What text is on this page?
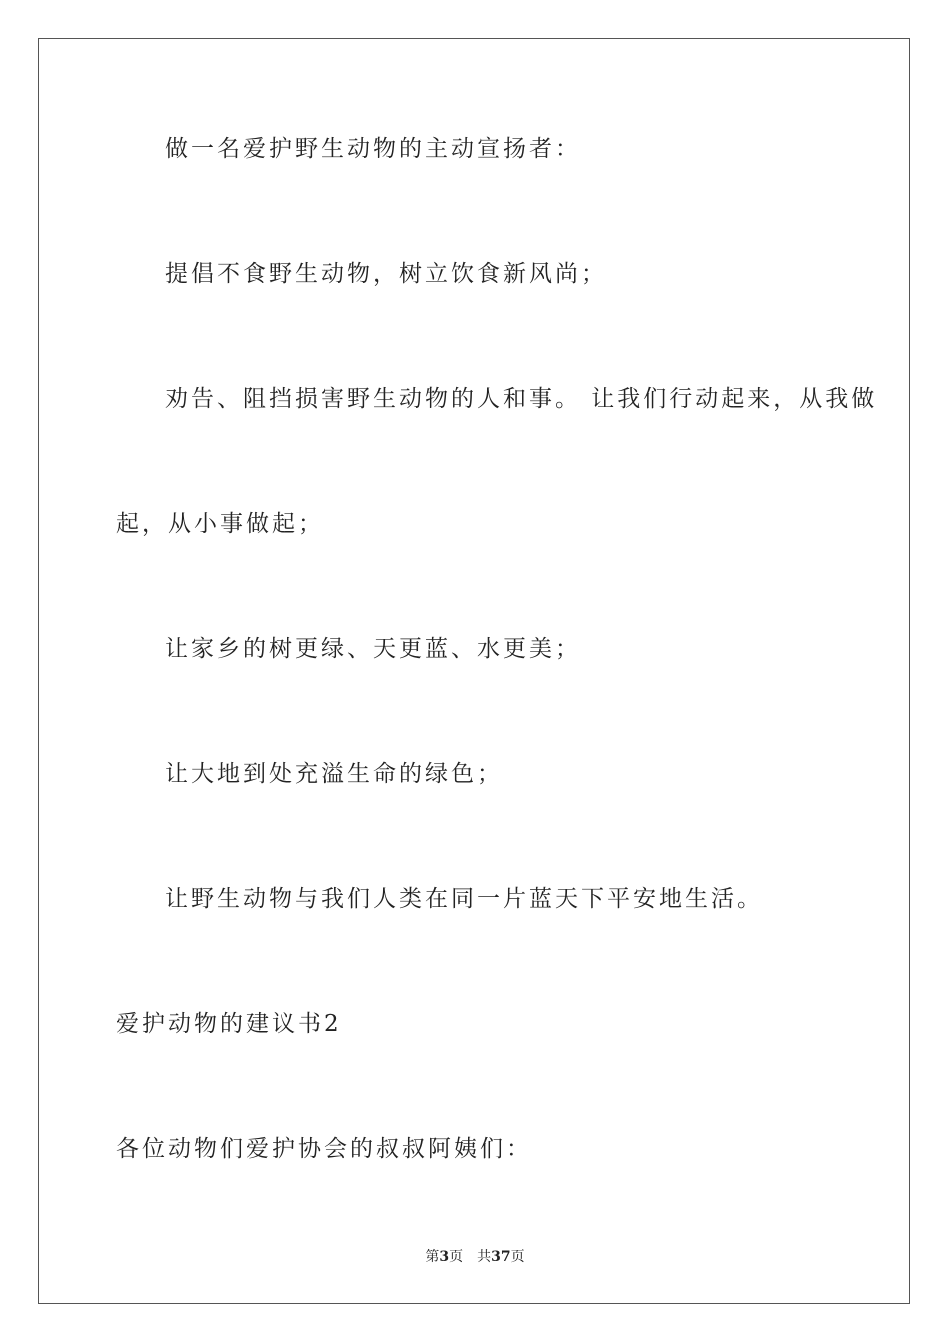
做一名爱护野生动物的主动宣扬者：
提倡不食野生动物，树立饮食新风尚；
劝告、阻挡损害野生动物的人和事。 让我们行动起来，从我做
起，从小事做起；
让家乡的树更绿、天更蓝、水更美；
让大地到处充溢生命的绿色；
让野生动物与我们人类在同一片蓝天下平安地生活。
爱护动物的建议书2
各位动物们爱护协会的叔叔阿姨们：
第3页 共37页
